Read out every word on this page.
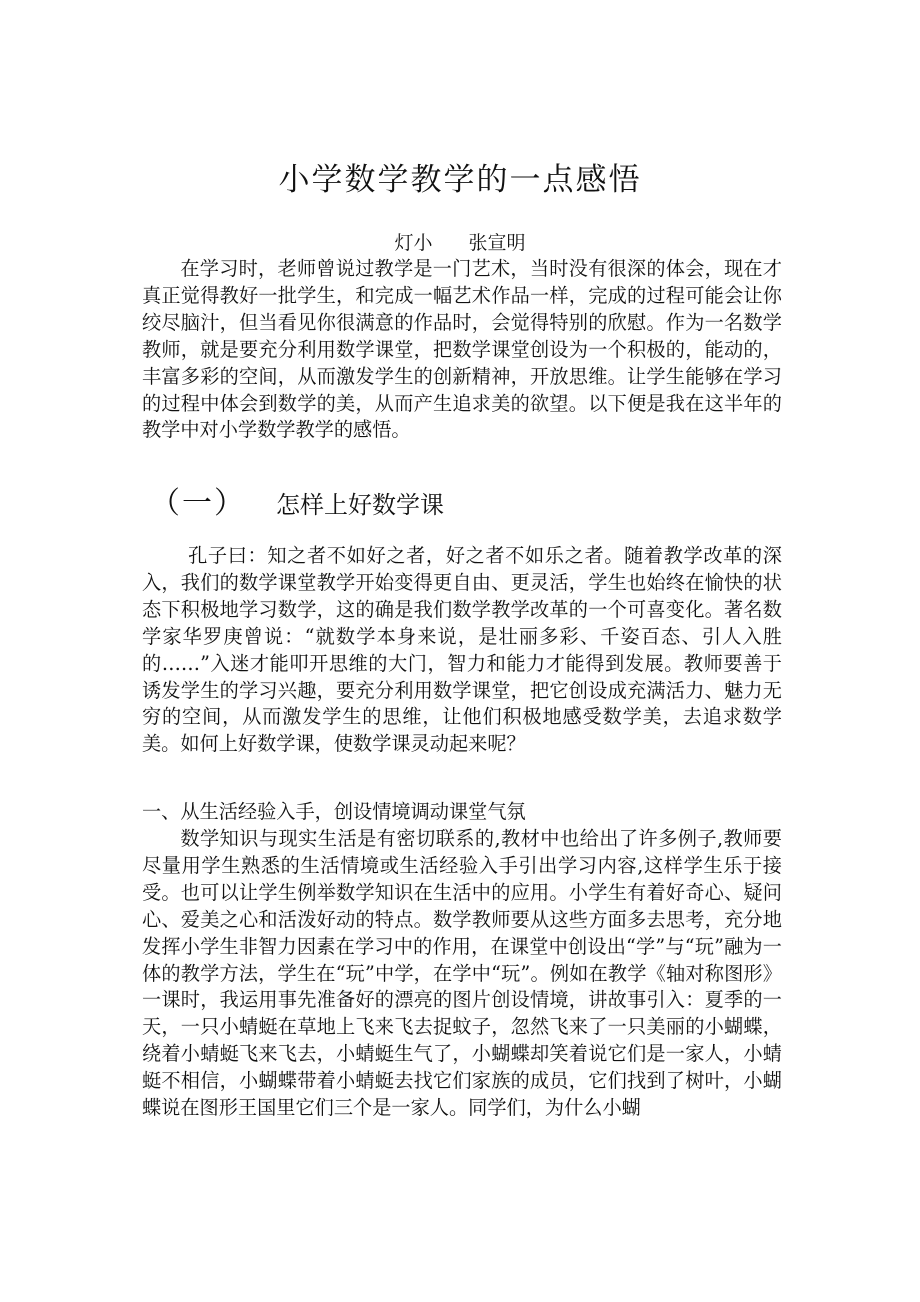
小学数学教学的一点感悟
灯小 张宣明

在学习时，老师曾说过教学是一门艺术，当时没有很深的体会，现在才真正觉得教好一批学生，和完成一幅艺术作品一样，完成的过程可能会让你绞尽脑汁，但当看见你很满意的作品时，会觉得特别的欣慰。作为一名数学教师，就是要充分利用数学课堂，把数学课堂创设为一个积极的，能动的，丰富多彩的空间，从而激发学生的创新精神，开放思维。让学生能够在学习的过程中体会到数学的美，从而产生追求美的欲望。以下便是我在这半年的教学中对小学数学教学的感悟。

（一） 怎样上好数学课

孔子曰：知之者不如好之者，好之者不如乐之者。随着教学改革的深入，我们的数学课堂教学开始变得更自由、更灵活，学生也始终在愉快的状态下积极地学习数学，这的确是我们数学教学改革的一个可喜变化。著名数学家华罗庚曾说：“就数学本身来说，是壮丽多彩、千姿百态、引人入胜的……”入迷才能叩开思维的大门，智力和能力才能得到发展。教师要善于诱发学生的学习兴趣，要充分利用数学课堂，把它创设成充满活力、魅力无穷的空间，从而激发学生的思维，让他们积极地感受数学美，去追求数学美。如何上好数学课，使数学课灵动起来呢？

一、从生活经验入手，创设情境调动课堂气氛

数学知识与现实生活是有密切联系的,教材中也给出了许多例子,教师要尽量用学生熟悉的生活情境或生活经验入手引出学习内容,这样学生乐于接受。也可以让学生例举数学知识在生活中的应用。小学生有着好奇心、疑问心、爱美之心和活泼好动的特点。数学教师要从这些方面多去思考，充分地发挥小学生非智力因素在学习中的作用，在课堂中创设出“学”与“玩”融为一体的教学方法，学生在“玩”中学，在学中“玩”。例如在教学《轴对称图形》一课时，我运用事先准备好的漂亮的图片创设情境，讲故事引入：夏季的一天，一只小蜻蜓在草地上飞来飞去捉蚊子，忽然飞来了一只美丽的小蝴蝶，绕着小蜻蜓飞来飞去，小蜻蜓生气了，小蝴蝶却笑着说它们是一家人，小蜻蜓不相信，小蝴蝶带着小蜻蜓去找它们家族的成员，它们找到了树叶，小蝴蝶说在图形王国里它们三个是一家人。同学们，为什么小蝴
